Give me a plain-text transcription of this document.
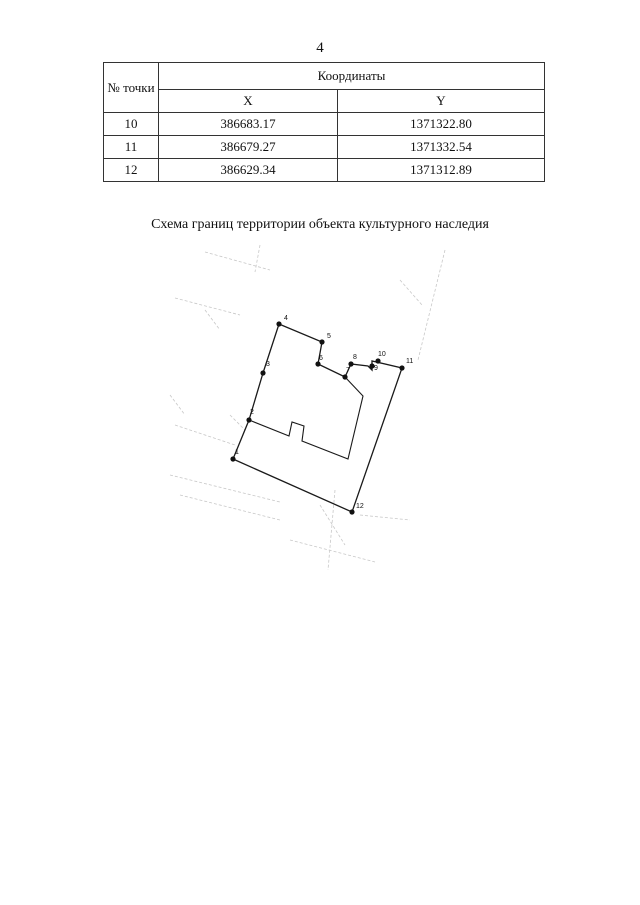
4
№ точки	Координаты	
	X	Y
10	386683.17	1371322.80
11	386679.27	1371332.54
12	386629.34	1371312.89
Схема границ территории объекта культурного наследия
1
2
3
4
5
6
7
8
9
10
11
12
